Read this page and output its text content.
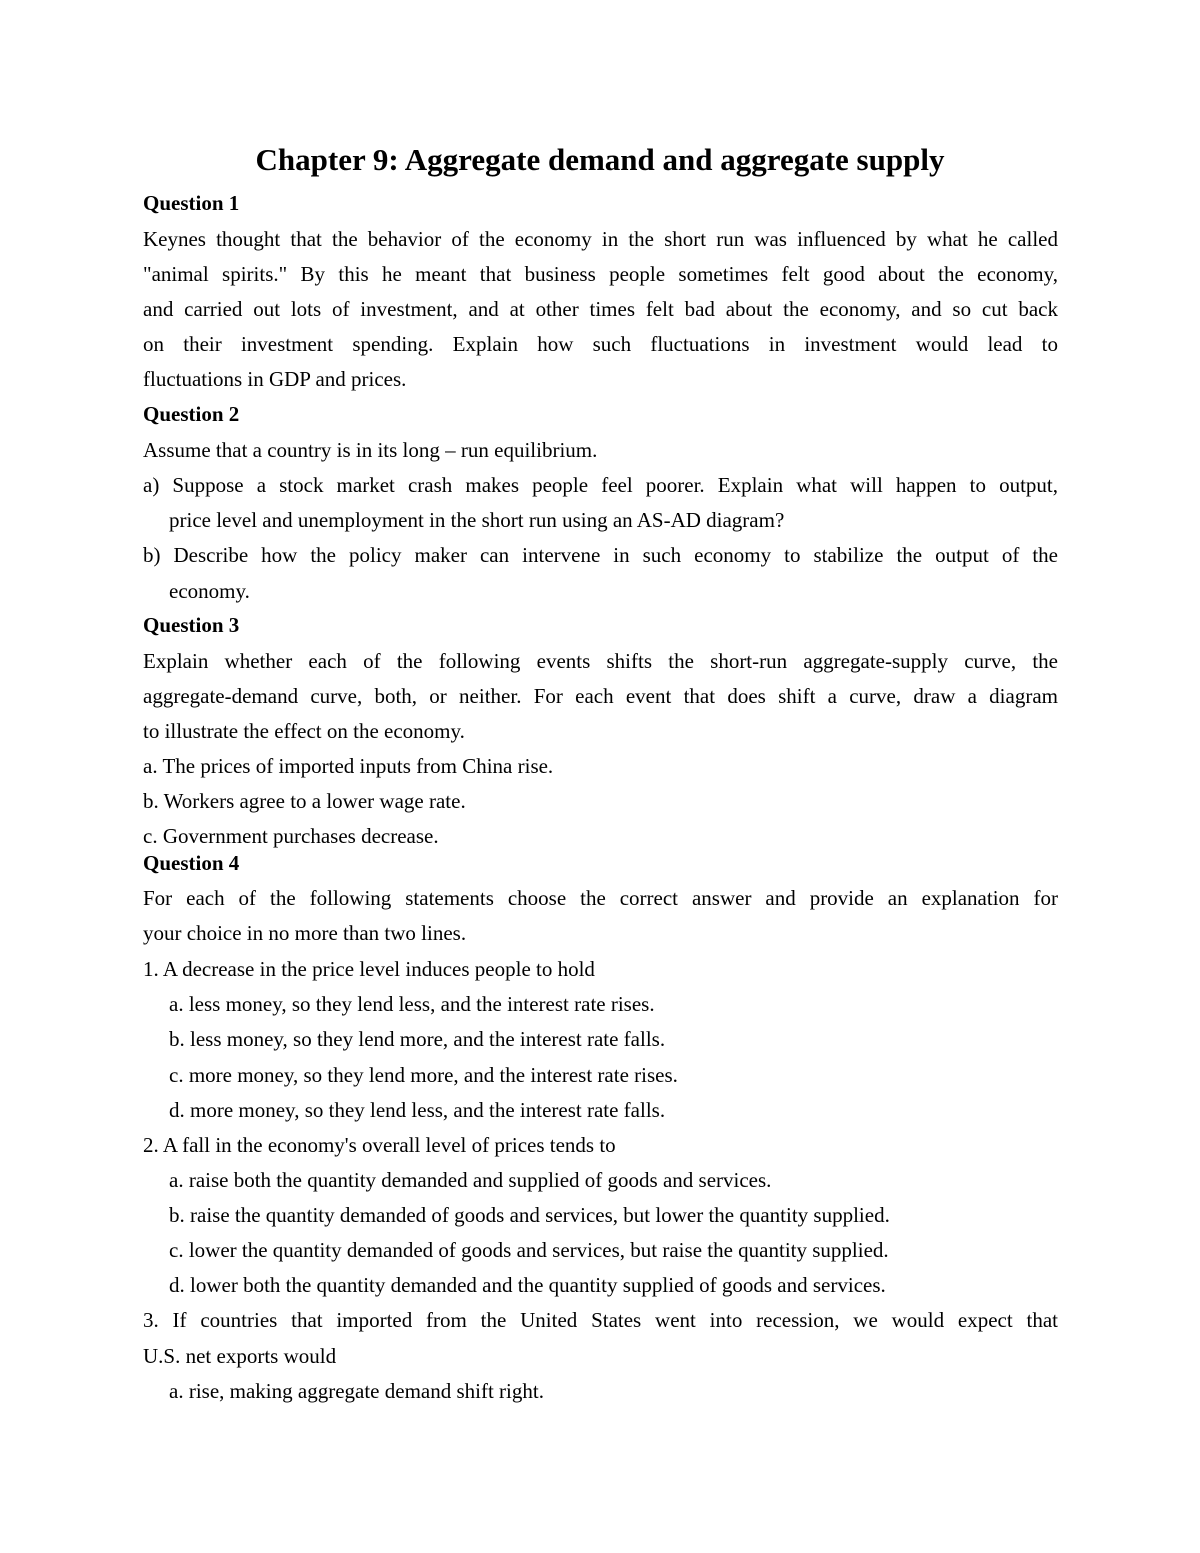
Chapter 9: Aggregate demand and aggregate supply
Question 1
Keynes thought that the behavior of the economy in the short run was influenced by what he called
"animal spirits." By this he meant that business people sometimes felt good about the economy,
and carried out lots of investment, and at other times felt bad about the economy, and so cut back
on their investment spending. Explain how such fluctuations in investment would lead to
fluctuations in GDP and prices.
Question 2
Assume that a country is in its long – run equilibrium.
a) Suppose a stock market crash makes people feel poorer. Explain what will happen to output,
price level and unemployment in the short run using an AS-AD diagram?
b) Describe how the policy maker can intervene in such economy to stabilize the output of the
economy.
Question 3
Explain whether each of the following events shifts the short-run aggregate-supply curve, the
aggregate-demand curve, both, or neither. For each event that does shift a curve, draw a diagram
to illustrate the effect on the economy.
a. The prices of imported inputs from China rise.
b. Workers agree to a lower wage rate.
c. Government purchases decrease.
Question 4
For each of the following statements choose the correct answer and provide an explanation for
your choice in no more than two lines.
1. A decrease in the price level induces people to hold
a. less money, so they lend less, and the interest rate rises.
b. less money, so they lend more, and the interest rate falls.
c. more money, so they lend more, and the interest rate rises.
d. more money, so they lend less, and the interest rate falls.
2. A fall in the economy's overall level of prices tends to
a. raise both the quantity demanded and supplied of goods and services.
b. raise the quantity demanded of goods and services, but lower the quantity supplied.
c. lower the quantity demanded of goods and services, but raise the quantity supplied.
d. lower both the quantity demanded and the quantity supplied of goods and services.
3. If countries that imported from the United States went into recession, we would expect that
U.S. net exports would
a. rise, making aggregate demand shift right.
